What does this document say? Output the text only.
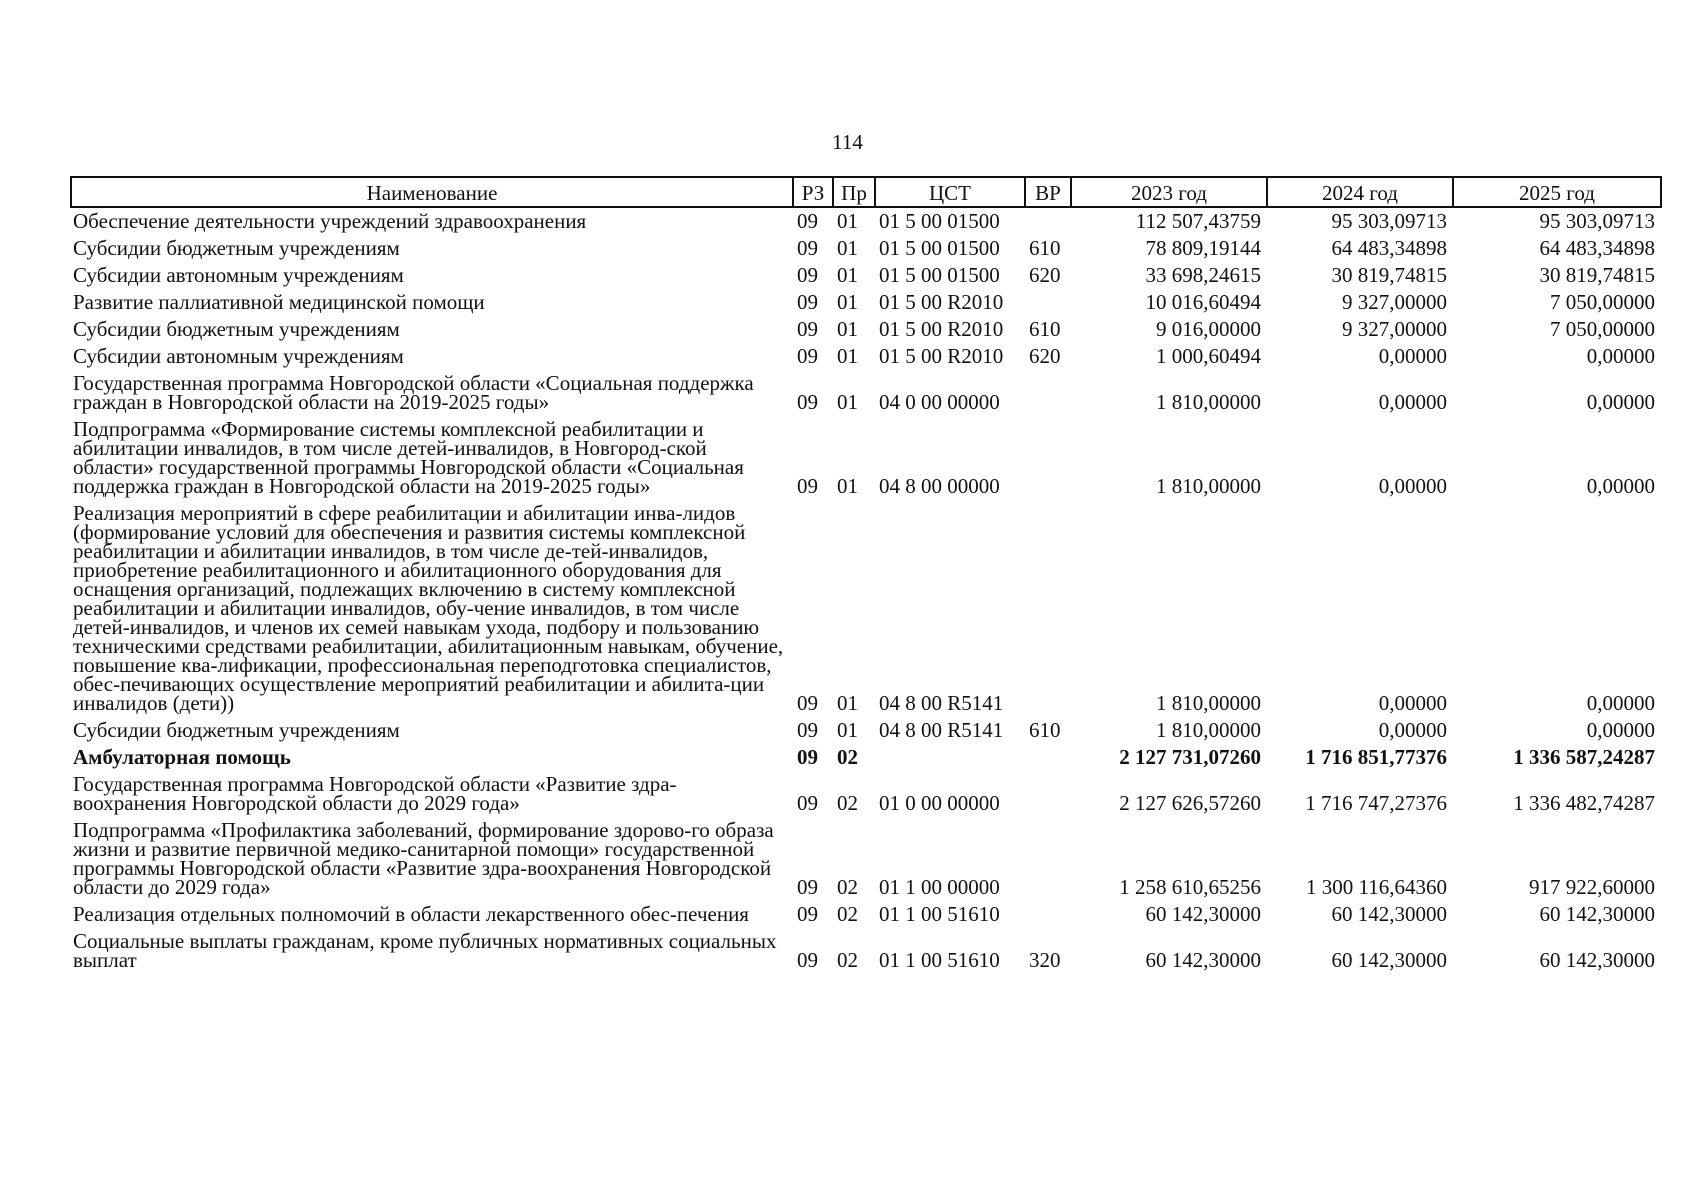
114
Наименование	РЗ	Пр	ЦСТ	ВР	2023 год	2024 год	2025 год
Обеспечение деятельности учреждений здравоохранения	09	01	01 5 00 01500		112 507,43759	95 303,09713	95 303,09713
Субсидии бюджетным учреждениям	09	01	01 5 00 01500	610	78 809,19144	64 483,34898	64 483,34898
Субсидии автономным учреждениям	09	01	01 5 00 01500	620	33 698,24615	30 819,74815	30 819,74815
Развитие паллиативной медицинской помощи	09	01	01 5 00 R2010		10 016,60494	9 327,00000	7 050,00000
Субсидии бюджетным учреждениям	09	01	01 5 00 R2010	610	9 016,00000	9 327,00000	7 050,00000
Субсидии автономным учреждениям	09	01	01 5 00 R2010	620	1 000,60494	0,00000	0,00000
Государственная программа Новгородской области «Социальная поддержка граждан в Новгородской области на 2019-2025 годы»	09	01	04 0 00 00000		1 810,00000	0,00000	0,00000
Подпрограмма «Формирование системы комплексной реабилитации и абилитации инвалидов, в том числе детей-инвалидов, в Новгород-ской области» государственной программы Новгородской области «Социальная поддержка граждан в Новгородской области на 2019-2025 годы»	09	01	04 8 00 00000		1 810,00000	0,00000	0,00000
Реализация мероприятий в сфере реабилитации и абилитации инва-лидов (формирование условий для обеспечения и развития системы комплексной реабилитации и абилитации инвалидов, в том числе де-тей-инвалидов, приобретение реабилитационного и абилитационного оборудования для оснащения организаций, подлежащих включению в систему комплексной реабилитации и абилитации инвалидов, обу-чение инвалидов, в том числе детей-инвалидов, и членов их семей навыкам ухода, подбору и пользованию техническими средствами реабилитации, абилитационным навыкам, обучение, повышение ква-лификации, профессиональная переподготовка специалистов, обес-печивающих осуществление мероприятий реабилитации и абилита-ции инвалидов (дети))	09	01	04 8 00 R5141		1 810,00000	0,00000	0,00000
Субсидии бюджетным учреждениям	09	01	04 8 00 R5141	610	1 810,00000	0,00000	0,00000
Амбулаторная помощь	09	02			2 127 731,07260	1 716 851,77376	1 336 587,24287
Государственная программа Новгородской области «Развитие здра-воохранения Новгородской области до 2029 года»	09	02	01 0 00 00000		2 127 626,57260	1 716 747,27376	1 336 482,74287
Подпрограмма «Профилактика заболеваний, формирование здорово-го образа жизни и развитие первичной медико-санитарной помощи» государственной программы Новгородской области «Развитие здра-воохранения Новгородской области до 2029 года»	09	02	01 1 00 00000		1 258 610,65256	1 300 116,64360	917 922,60000
Реализация отдельных полномочий в области лекарственного обес-печения	09	02	01 1 00 51610		60 142,30000	60 142,30000	60 142,30000
Социальные выплаты гражданам, кроме публичных нормативных социальных выплат	09	02	01 1 00 51610	320	60 142,30000	60 142,30000	60 142,30000
